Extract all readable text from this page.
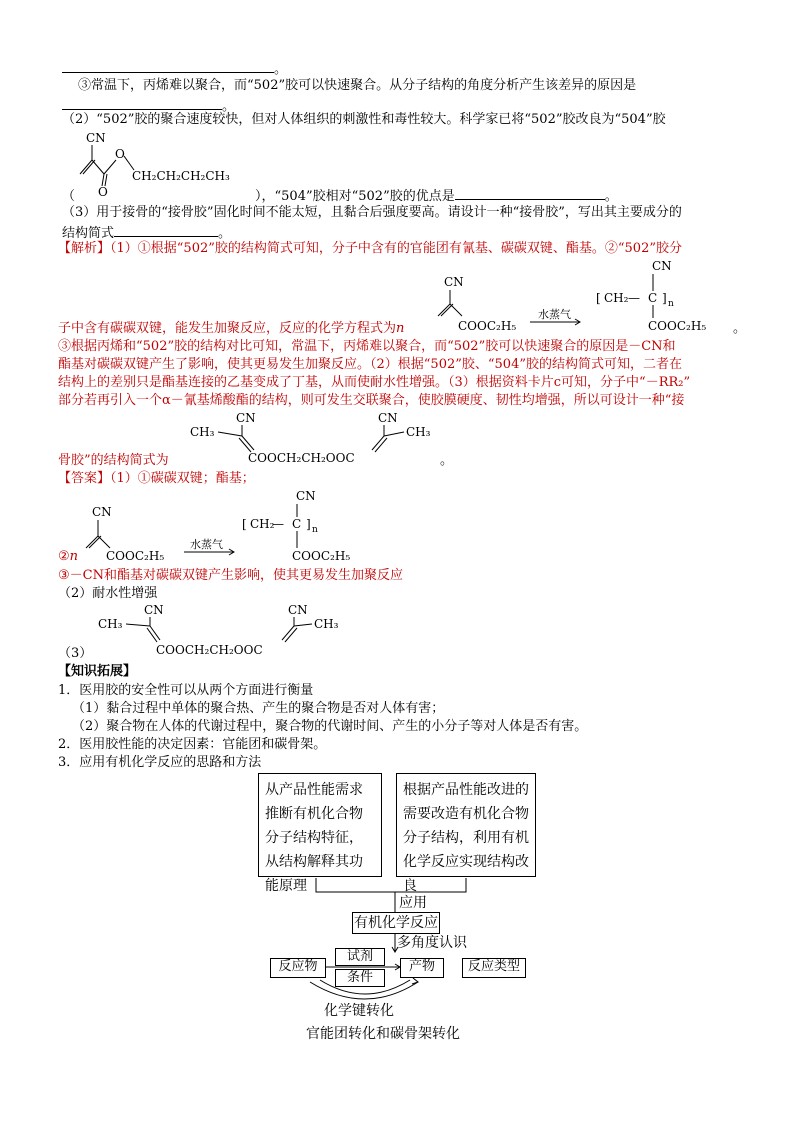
。
③常温下，丙烯难以聚合，而“502”胶可以快速聚合。从分子结构的角度分析产生该差异的原因是
。
（2）“502”胶的聚合速度较快，但对人体组织的刺激性和毒性较大。科学家已将“502”胶改良为“504”胶
CN
O
O
CH₂CH₂CH₂CH₃
（	），“504”胶相对“502”胶的优点是	。
（3）用于接骨的“接骨胶”固化时间不能太短，且黏合后强度要高。请设计一种“接骨胶”，写出其主要成分的
结构简式	。
【解析】（1）①根据“502”胶的结构简式可知，分子中含有的官能团有氰基、碳碳双键、酯基。②“502”胶分
CN
COOC₂H₅
水蒸气
CN
[ CH₂ — C ] n
COOC₂H₅
子中含有碳碳双键，能发生加聚反应，反应的化学方程式为n	。
③根据丙烯和“502”胶的结构对比可知，常温下，丙烯难以聚合，而“502”胶可以快速聚合的原因是－CN和
酯基对碳碳双键产生了影响，使其更易发生加聚反应。（2）根据“502”胶、“504”胶的结构简式可知，二者在
结构上的差别只是酯基连接的乙基变成了丁基，从而使耐水性增强。（3）根据资料卡片c可知，分子中“－RR₂”
部分若再引入一个α－氰基烯酸酯的结构，则可发生交联聚合，使胶膜硬度、韧性均增强，所以可设计一种“接
CN
CH₃
COOCH₂CH₂OOC
CN
CH₃
骨胶”的结构简式为	。
【答案】（1）①碳碳双键；酯基；
CN
COOC₂H₅
水蒸气
CN
[ CH₂
— C ] n
COOC₂H₅
②n
③－CN和酯基对碳碳双键产生影响，使其更易发生加聚反应
（2）耐水性增强
CN
CH₃
COOCH₂CH₂OOC
CN
CH₃
（3）
【知识拓展】
1．医用胶的安全性可以从两个方面进行衡量
（1）黏合过程中单体的聚合热、产生的聚合物是否对人体有害；
（2）聚合物在人体的代谢过程中，聚合物的代谢时间、产生的小分子等对人体是否有害。
2．医用胶性能的决定因素：官能团和碳骨架。
3．应用有机化学反应的思路和方法
从产品性能需求推断有机化合物分子结构特征，从结构解释其功能原理
根据产品性能改进的需要改造有机化合物分子结构，利用有机化学反应实现结构改良
应用
有机化学反应
多角度认识
反应物
试剂
条件
产物	反应类型
化学键转化
官能团转化和碳骨架转化
